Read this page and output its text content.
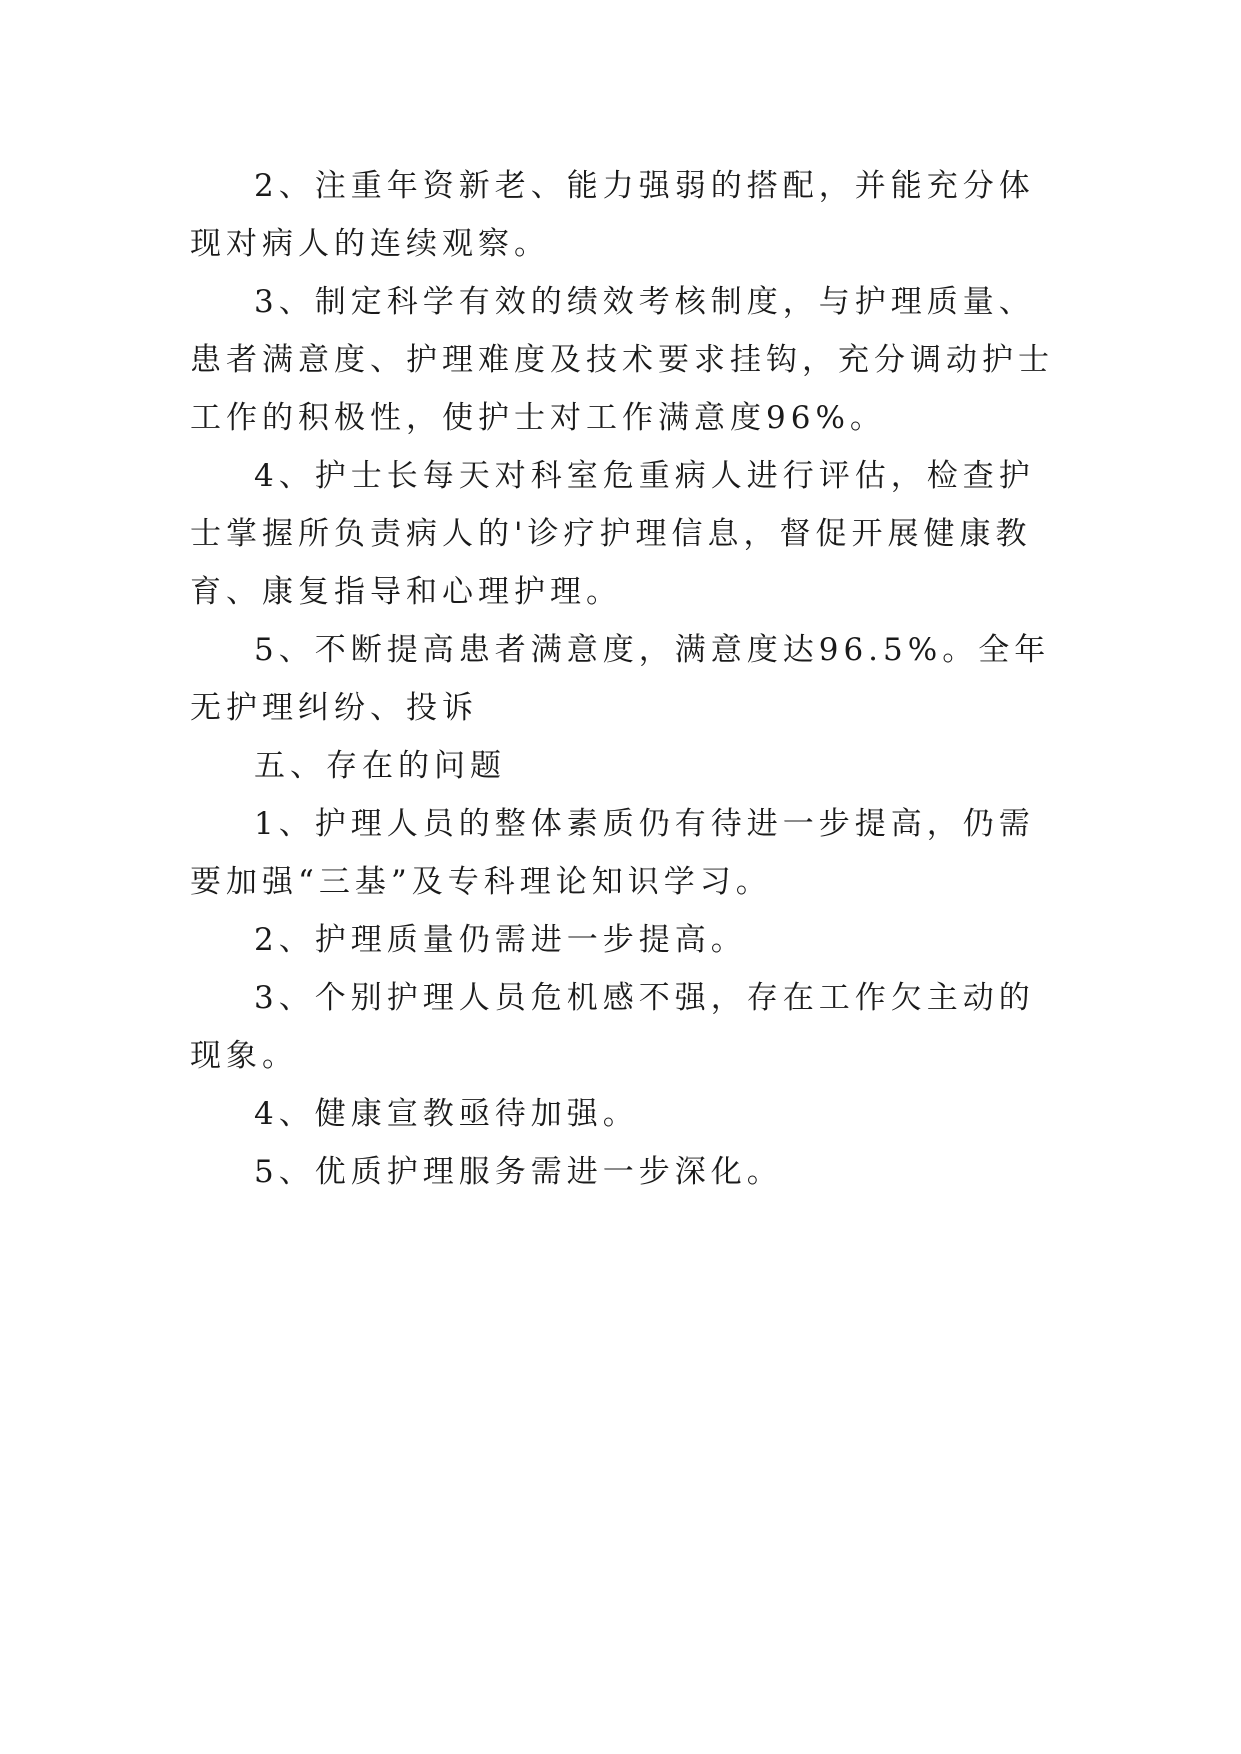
2、注重年资新老、能力强弱的搭配，并能充分体现对病人的连续观察。

3、制定科学有效的绩效考核制度，与护理质量、患者满意度、护理难度及技术要求挂钩，充分调动护士工作的积极性，使护士对工作满意度96%。

4、护士长每天对科室危重病人进行评估，检查护士掌握所负责病人的'诊疗护理信息，督促开展健康教育、康复指导和心理护理。

5、不断提高患者满意度，满意度达96.5%。全年无护理纠纷、投诉

五、存在的问题

1、护理人员的整体素质仍有待进一步提高，仍需要加强“三基”及专科理论知识学习。

2、护理质量仍需进一步提高。

3、个别护理人员危机感不强，存在工作欠主动的现象。

4、健康宣教亟待加强。

5、优质护理服务需进一步深化。
